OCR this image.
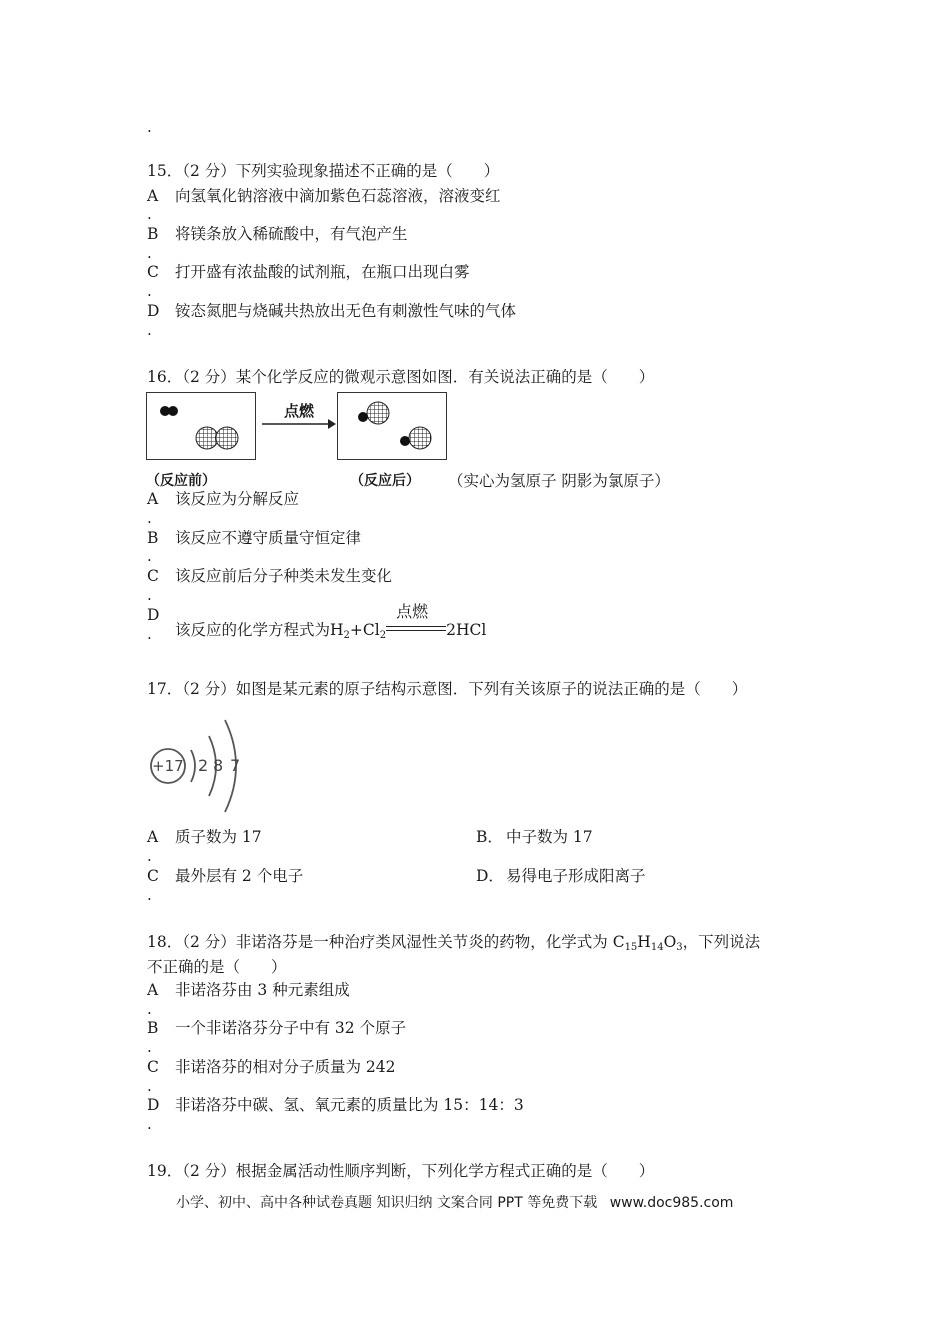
.
15．（2 分）下列实验现象描述不正确的是（　　）
A	向氢氧化钠溶液中滴加紫色石蕊溶液，溶液变红
.
B 将镁条放入稀硫酸中，有气泡产生
.
C 打开盛有浓盐酸的试剂瓶，在瓶口出现白雾
.
D 铵态氮肥与烧碱共热放出无色有刺激性气味的气体
.
16．（2 分）某个化学反应的微观示意图如图．有关说法正确的是（　　）
点燃
（反应前）	（反应后） （实心为氢原子 阴影为氯原子）
A	该反应为分解反应
.
B 该反应不遵守质量守恒定律
.
C 该反应前后分子种类未发生变化
.
D
. 该反应的化学方程式为$H_2+Cl_2$
点燃
2HCl
17．（2 分）如图是某元素的原子结构示意图．下列有关该原子的说法正确的是（　　）
+17 2 8 7
A	质子数为 17	B． 中子数为 17
.
C 最外层有 2 个电子	D． 易得电子形成阳离子
.
18．（2 分）非诺洛芬是一种治疗类风湿性关节炎的药物，化学式为 $C_{15}H_{14}O_3$，下列说法
不正确的是（　　）
A	非诺洛芬由 3 种元素组成
.
B 一个非诺洛芬分子中有 32 个原子
.
C 非诺洛芬的相对分子质量为 242
.
D 非诺洛芬中碳、氢、氧元素的质量比为 15：14：3
.
19．（2 分）根据金属活动性顺序判断，下列化学方程式正确的是（　　）
小学、初中、高中各种试卷真题 知识归纳 文案合同 PPT 等免费下载 www.doc985.com
